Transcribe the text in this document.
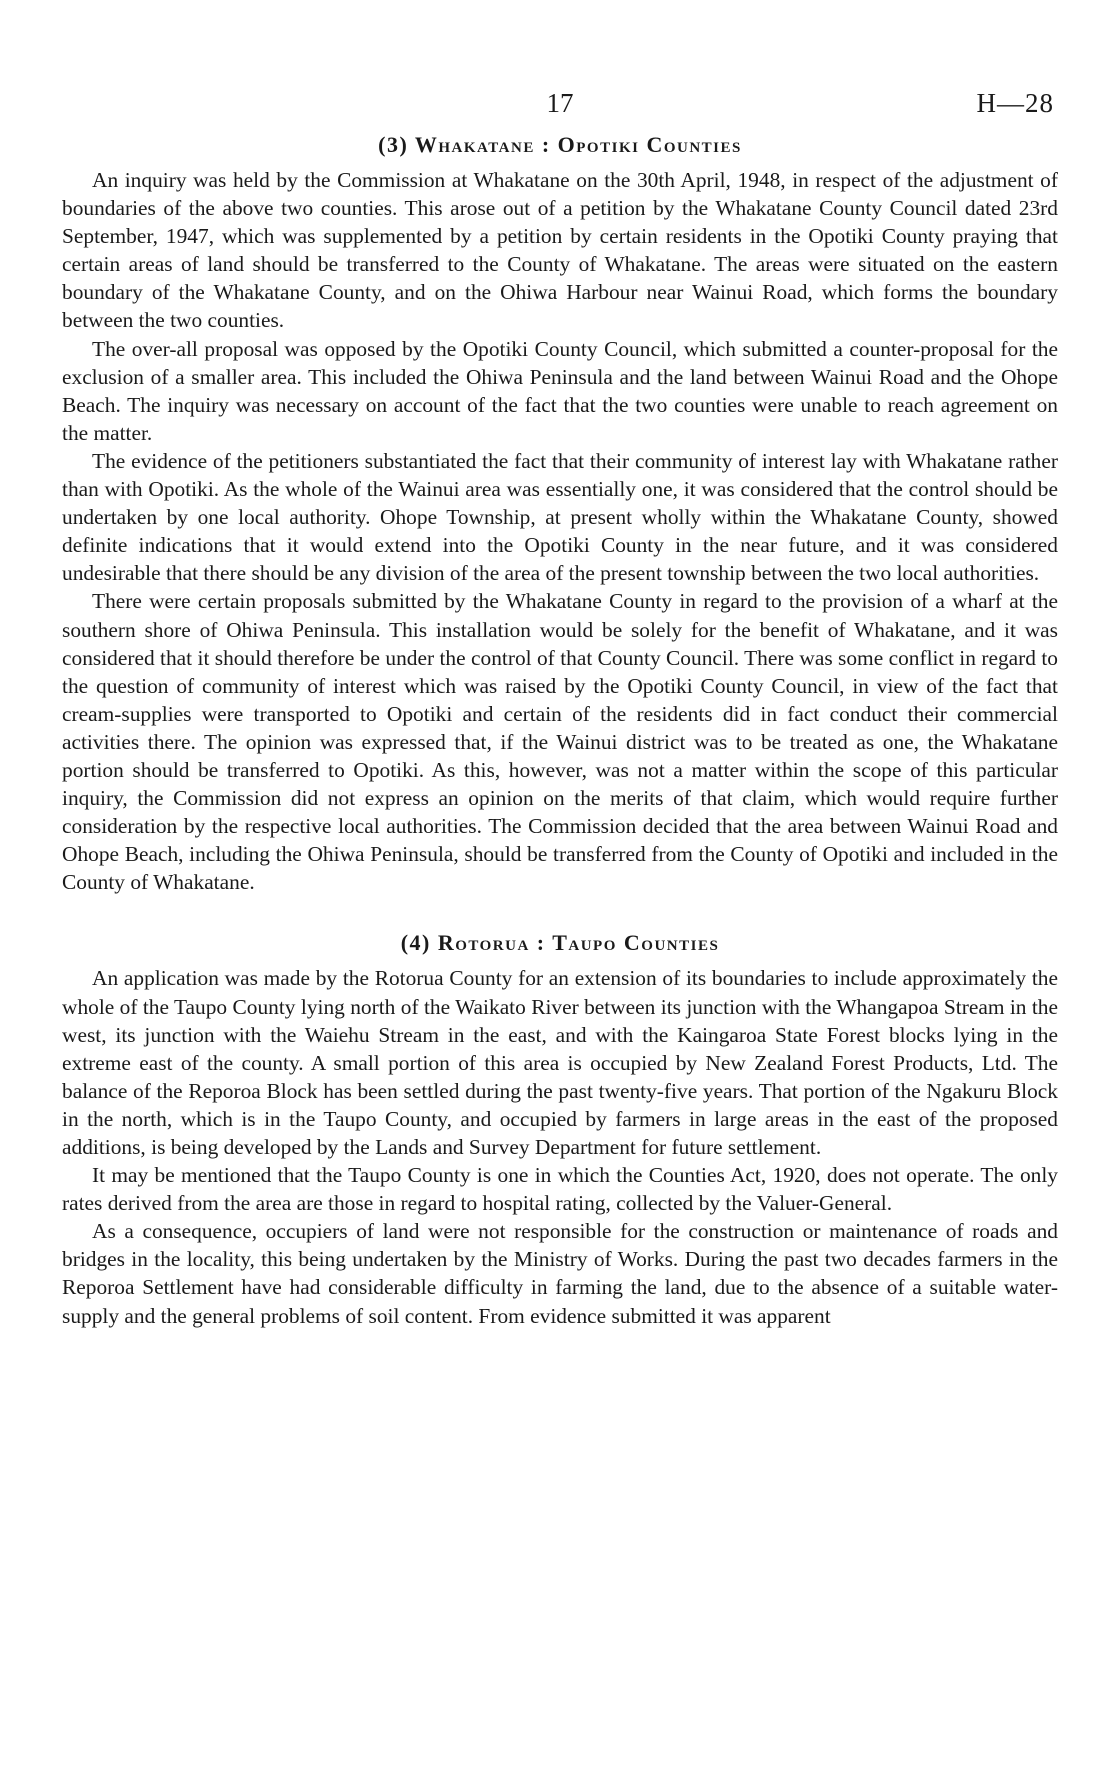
17	H—28
(3) Whakatane : Opotiki Counties

An inquiry was held by the Commission at Whakatane on the 30th April, 1948, in respect of the adjustment of boundaries of the above two counties. This arose out of a petition by the Whakatane County Council dated 23rd September, 1947, which was supplemented by a petition by certain residents in the Opotiki County praying that certain areas of land should be transferred to the County of Whakatane. The areas were situated on the eastern boundary of the Whakatane County, and on the Ohiwa Harbour near Wainui Road, which forms the boundary between the two counties.

The over-all proposal was opposed by the Opotiki County Council, which submitted a counter-proposal for the exclusion of a smaller area. This included the Ohiwa Peninsula and the land between Wainui Road and the Ohope Beach. The inquiry was necessary on account of the fact that the two counties were unable to reach agreement on the matter.

The evidence of the petitioners substantiated the fact that their community of interest lay with Whakatane rather than with Opotiki. As the whole of the Wainui area was essentially one, it was considered that the control should be undertaken by one local authority. Ohope Township, at present wholly within the Whakatane County, showed definite indications that it would extend into the Opotiki County in the near future, and it was considered undesirable that there should be any division of the area of the present township between the two local authorities.

There were certain proposals submitted by the Whakatane County in regard to the provision of a wharf at the southern shore of Ohiwa Peninsula. This installation would be solely for the benefit of Whakatane, and it was considered that it should therefore be under the control of that County Council. There was some conflict in regard to the question of community of interest which was raised by the Opotiki County Council, in view of the fact that cream-supplies were transported to Opotiki and certain of the residents did in fact conduct their commercial activities there. The opinion was expressed that, if the Wainui district was to be treated as one, the Whakatane portion should be transferred to Opotiki. As this, however, was not a matter within the scope of this particular inquiry, the Commission did not express an opinion on the merits of that claim, which would require further consideration by the respective local authorities. The Commission decided that the area between Wainui Road and Ohope Beach, including the Ohiwa Peninsula, should be transferred from the County of Opotiki and included in the County of Whakatane.

(4) Rotorua : Taupo Counties

An application was made by the Rotorua County for an extension of its boundaries to include approximately the whole of the Taupo County lying north of the Waikato River between its junction with the Whangapoa Stream in the west, its junction with the Waiehu Stream in the east, and with the Kaingaroa State Forest blocks lying in the extreme east of the county. A small portion of this area is occupied by New Zealand Forest Products, Ltd. The balance of the Reporoa Block has been settled during the past twenty-five years. That portion of the Ngakuru Block in the north, which is in the Taupo County, and occupied by farmers in large areas in the east of the proposed additions, is being developed by the Lands and Survey Department for future settlement.

It may be mentioned that the Taupo County is one in which the Counties Act, 1920, does not operate. The only rates derived from the area are those in regard to hospital rating, collected by the Valuer-General.

As a consequence, occupiers of land were not responsible for the construction or maintenance of roads and bridges in the locality, this being undertaken by the Ministry of Works. During the past two decades farmers in the Reporoa Settlement have had considerable difficulty in farming the land, due to the absence of a suitable water-supply and the general problems of soil content. From evidence submitted it was apparent
